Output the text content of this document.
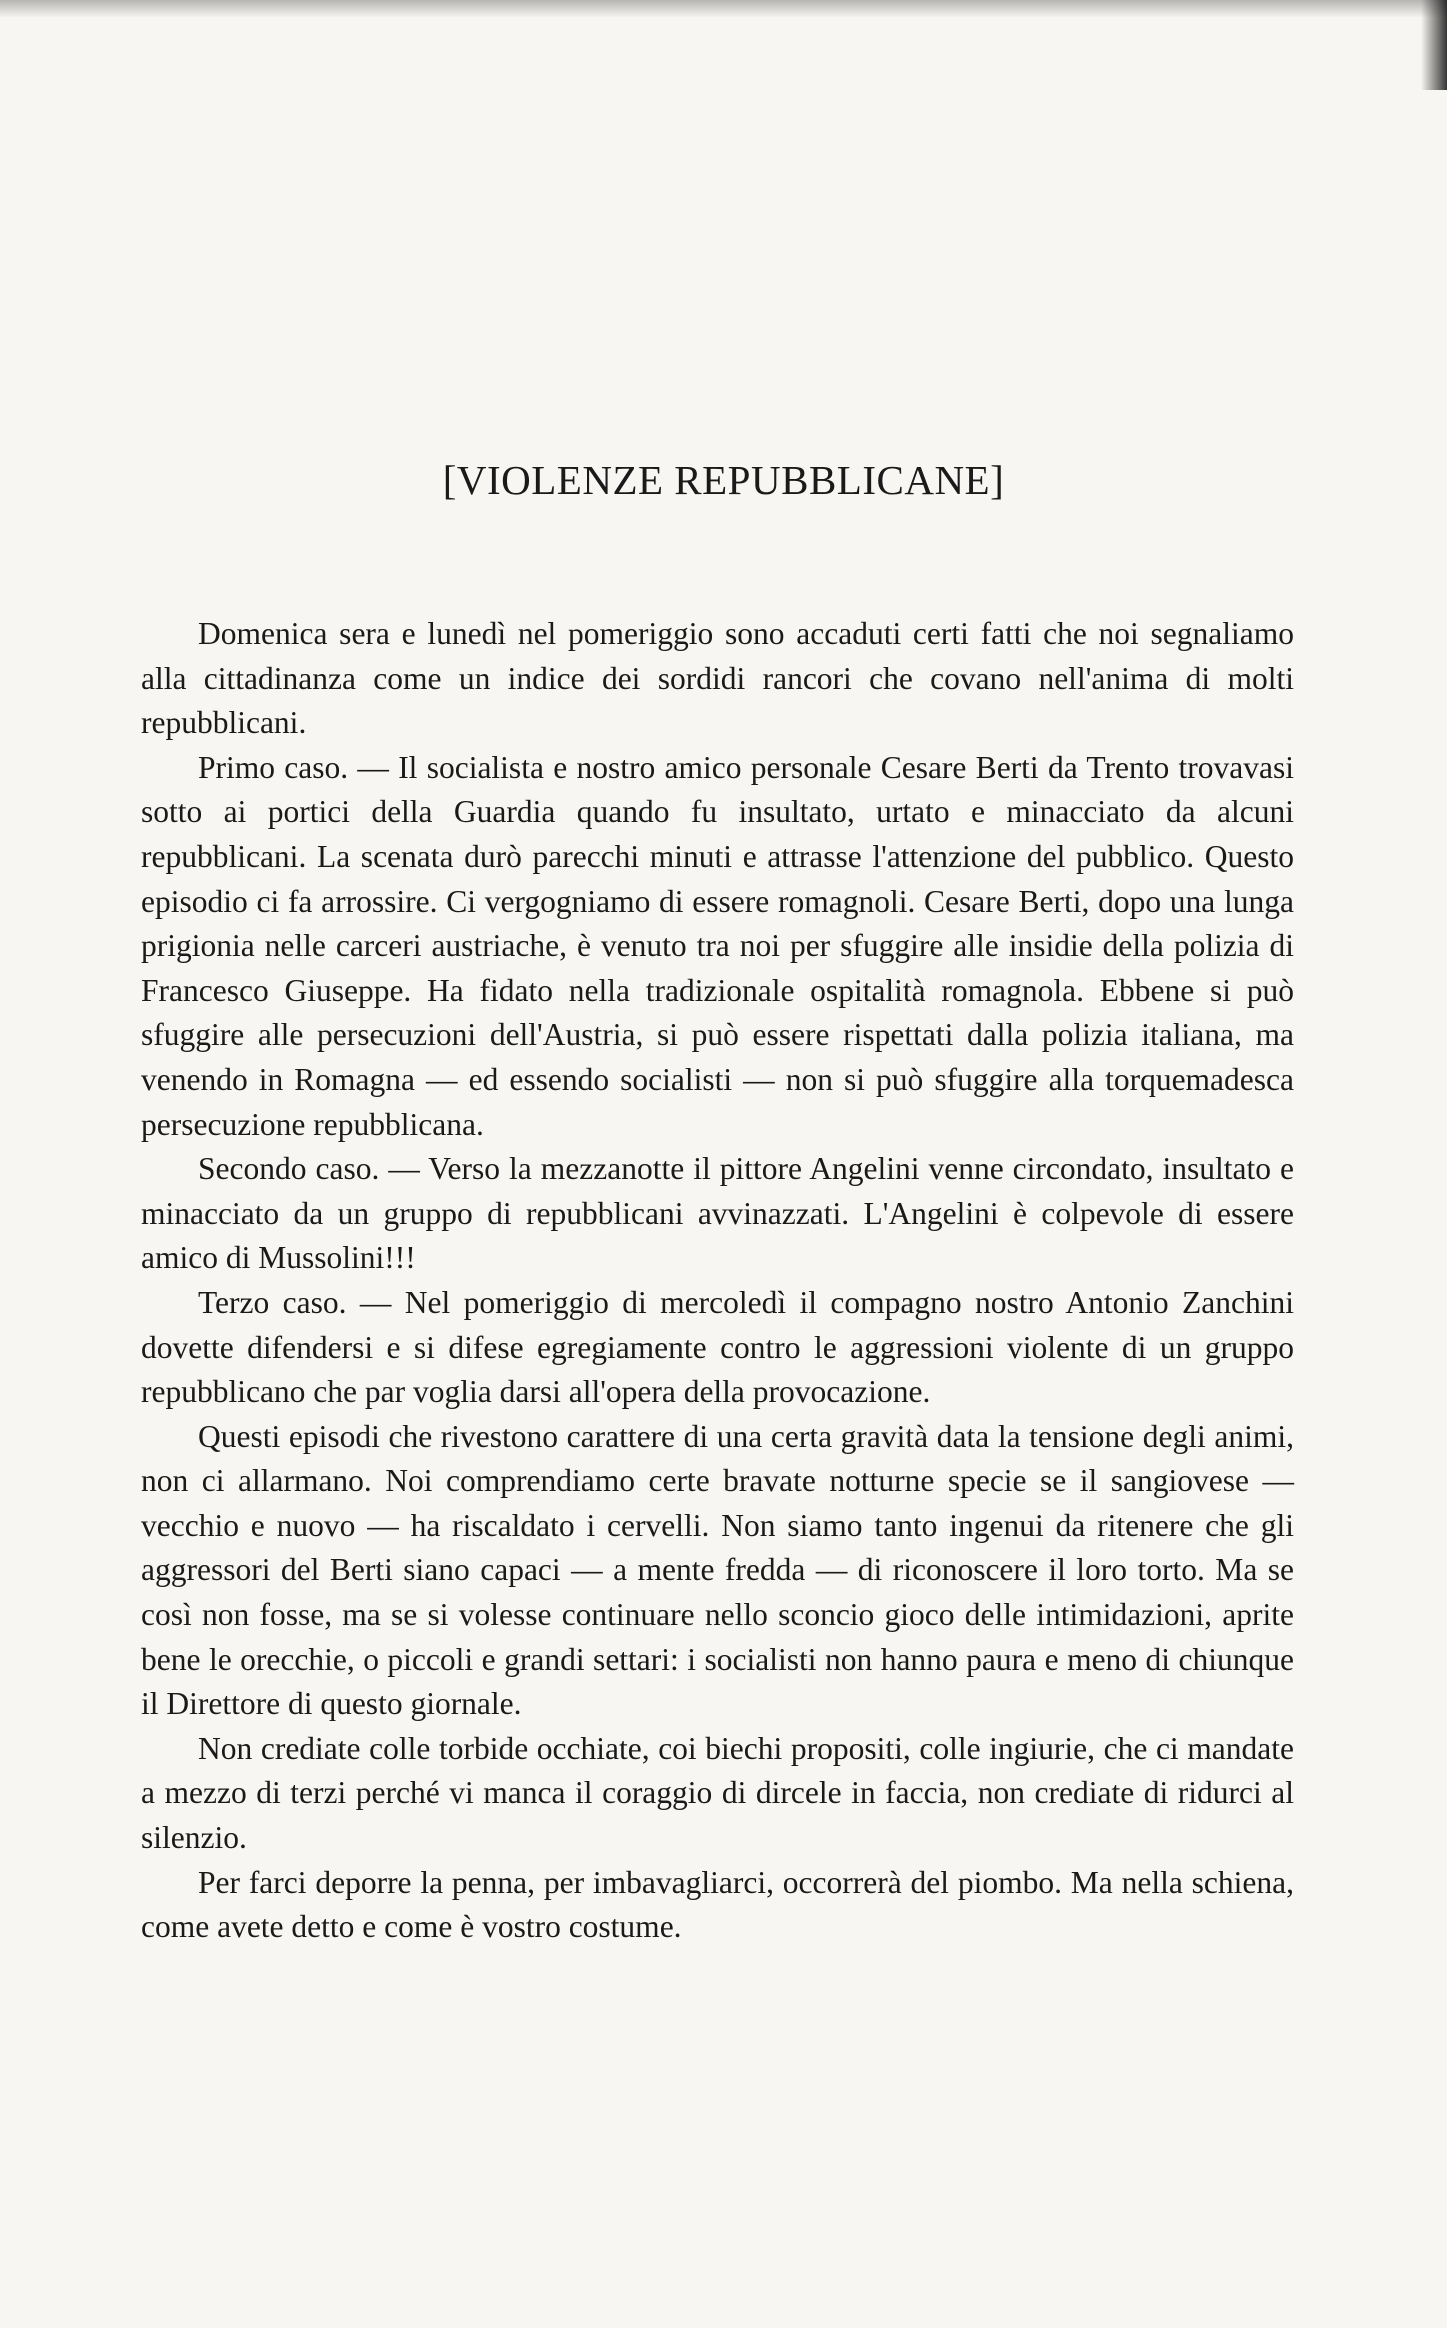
[VIOLENZE REPUBBLICANE]

Domenica sera e lunedì nel pomeriggio sono accaduti certi fatti che noi segnaliamo alla cittadinanza come un indice dei sordidi rancori che covano nell'anima di molti repubblicani.

Primo caso. — Il socialista e nostro amico personale Cesare Berti da Trento trovavasi sotto ai portici della Guardia quando fu insultato, urtato e minacciato da alcuni repubblicani. La scenata durò parecchi minuti e attrasse l'attenzione del pubblico. Questo episodio ci fa arrossire. Ci vergogniamo di essere romagnoli. Cesare Berti, dopo una lunga prigionia nelle carceri austriache, è venuto tra noi per sfuggire alle insidie della polizia di Francesco Giuseppe. Ha fidato nella tradizionale ospitalità romagnola. Ebbene si può sfuggire alle persecuzioni dell'Austria, si può essere rispettati dalla polizia italiana, ma venendo in Romagna — ed essendo socialisti — non si può sfuggire alla torquemadesca persecuzione repubblicana.

Secondo caso. — Verso la mezzanotte il pittore Angelini venne circondato, insultato e minacciato da un gruppo di repubblicani avvinazzati. L'Angelini è colpevole di essere amico di Mussolini!!!

Terzo caso. — Nel pomeriggio di mercoledì il compagno nostro Antonio Zanchini dovette difendersi e si difese egregiamente contro le aggressioni violente di un gruppo repubblicano che par voglia darsi all'opera della provocazione.

Questi episodi che rivestono carattere di una certa gravità data la tensione degli animi, non ci allarmano. Noi comprendiamo certe bravate notturne specie se il sangiovese — vecchio e nuovo — ha riscaldato i cervelli. Non siamo tanto ingenui da ritenere che gli aggressori del Berti siano capaci — a mente fredda — di riconoscere il loro torto. Ma se così non fosse, ma se si volesse continuare nello sconcio gioco delle intimidazioni, aprite bene le orecchie, o piccoli e grandi settari: i socialisti non hanno paura e meno di chiunque il Direttore di questo giornale.

Non crediate colle torbide occhiate, coi biechi propositi, colle ingiurie, che ci mandate a mezzo di terzi perché vi manca il coraggio di dircele in faccia, non crediate di ridurci al silenzio.

Per farci deporre la penna, per imbavagliarci, occorrerà del piombo. Ma nella schiena, come avete detto e come è vostro costume.
